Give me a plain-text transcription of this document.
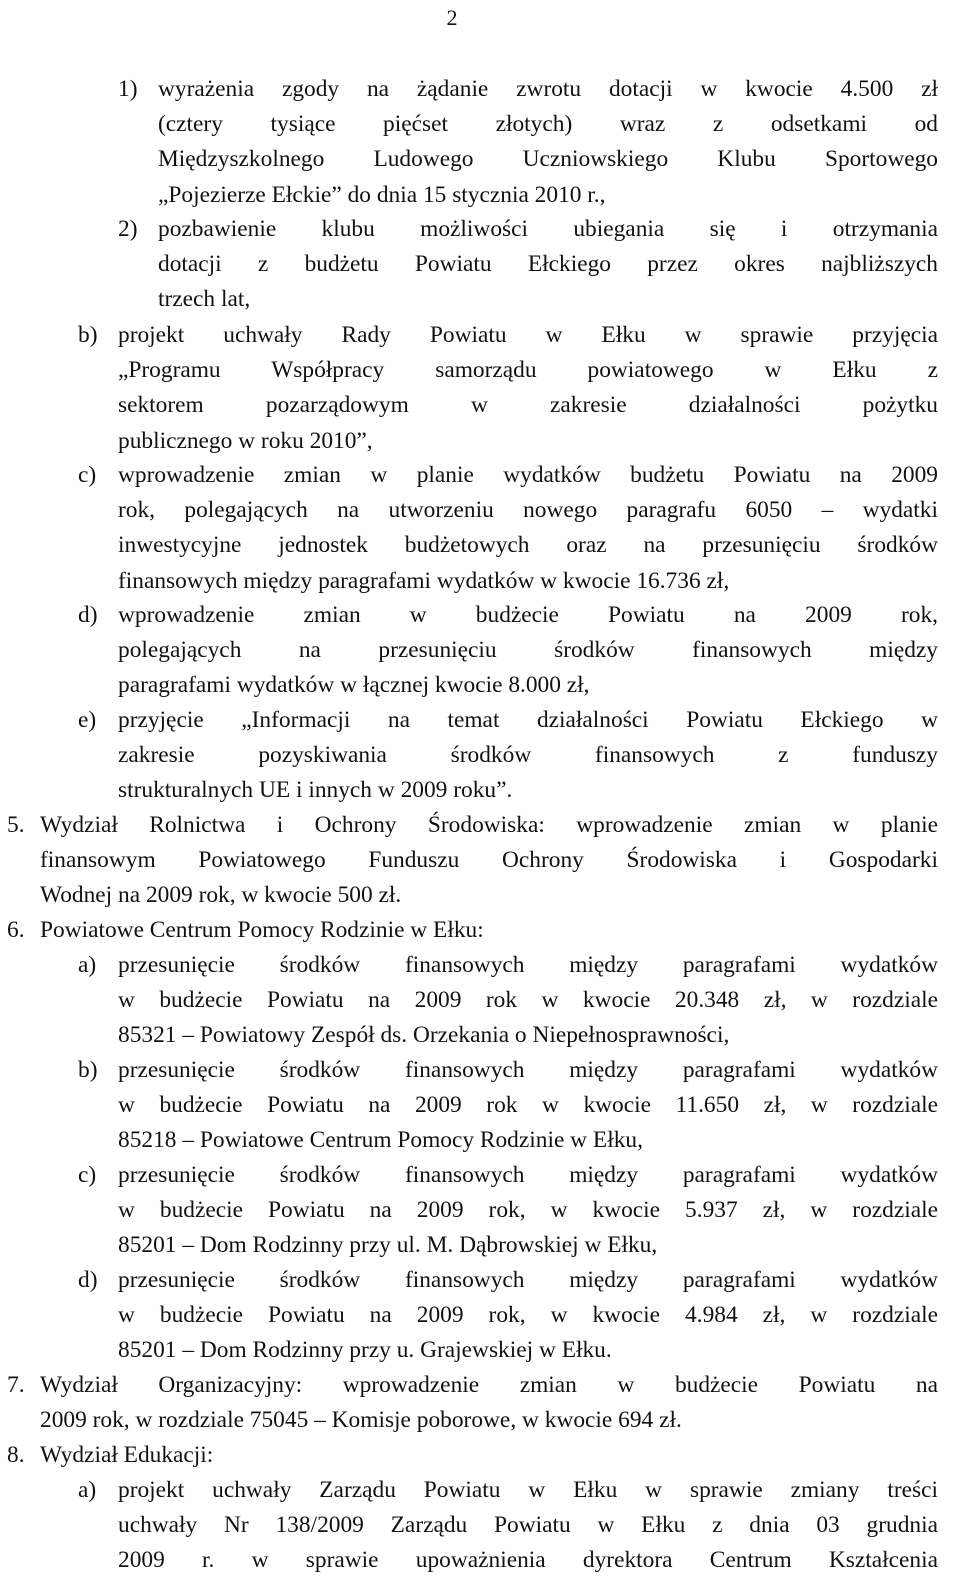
2
1) wyrażenia zgody na żądanie zwrotu dotacji w kwocie 4.500 zł
(cztery tysiące pięćset złotych) wraz z odsetkami od
Międzyszkolnego Ludowego Uczniowskiego Klubu Sportowego
„Pojezierze Ełckie” do dnia 15 stycznia 2010 r.,
2) pozbawienie klubu możliwości ubiegania się i otrzymania
dotacji z budżetu Powiatu Ełckiego przez okres najbliższych
trzech lat,
b) projekt uchwały Rady Powiatu w Ełku w sprawie przyjęcia
„Programu Współpracy samorządu powiatowego w Ełku z
sektorem pozarządowym w zakresie działalności pożytku
publicznego w roku 2010”,
c) wprowadzenie zmian w planie wydatków budżetu Powiatu na 2009
rok, polegających na utworzeniu nowego paragrafu 6050 – wydatki
inwestycyjne jednostek budżetowych oraz na przesunięciu środków
finansowych między paragrafami wydatków w kwocie 16.736 zł,
d) wprowadzenie zmian w budżecie Powiatu na 2009 rok,
polegających na przesunięciu środków finansowych między
paragrafami wydatków w łącznej kwocie 8.000 zł,
e) przyjęcie „Informacji na temat działalności Powiatu Ełckiego w
zakresie pozyskiwania środków finansowych z funduszy
strukturalnych UE i innych w 2009 roku”.
5. Wydział Rolnictwa i Ochrony Środowiska: wprowadzenie zmian w planie
finansowym Powiatowego Funduszu Ochrony Środowiska i Gospodarki
Wodnej na 2009 rok, w kwocie 500 zł.
6. Powiatowe Centrum Pomocy Rodzinie w Ełku:
a) przesunięcie środków finansowych między paragrafami wydatków
w budżecie Powiatu na 2009 rok w kwocie 20.348 zł, w rozdziale
85321 – Powiatowy Zespół ds. Orzekania o Niepełnosprawności,
b) przesunięcie środków finansowych między paragrafami wydatków
w budżecie Powiatu na 2009 rok w kwocie 11.650 zł, w rozdziale
85218 – Powiatowe Centrum Pomocy Rodzinie w Ełku,
c) przesunięcie środków finansowych między paragrafami wydatków
w budżecie Powiatu na 2009 rok, w kwocie 5.937 zł, w rozdziale
85201 – Dom Rodzinny przy ul. M. Dąbrowskiej w Ełku,
d) przesunięcie środków finansowych między paragrafami wydatków
w budżecie Powiatu na 2009 rok, w kwocie 4.984 zł, w rozdziale
85201 – Dom Rodzinny przy u. Grajewskiej w Ełku.
7. Wydział Organizacyjny: wprowadzenie zmian w budżecie Powiatu na
2009 rok, w rozdziale 75045 – Komisje poborowe, w kwocie 694 zł.
8. Wydział Edukacji:
a) projekt uchwały Zarządu Powiatu w Ełku w sprawie zmiany treści
uchwały Nr 138/2009 Zarządu Powiatu w Ełku z dnia 03 grudnia
2009 r. w sprawie upoważnienia dyrektora Centrum Kształcenia
